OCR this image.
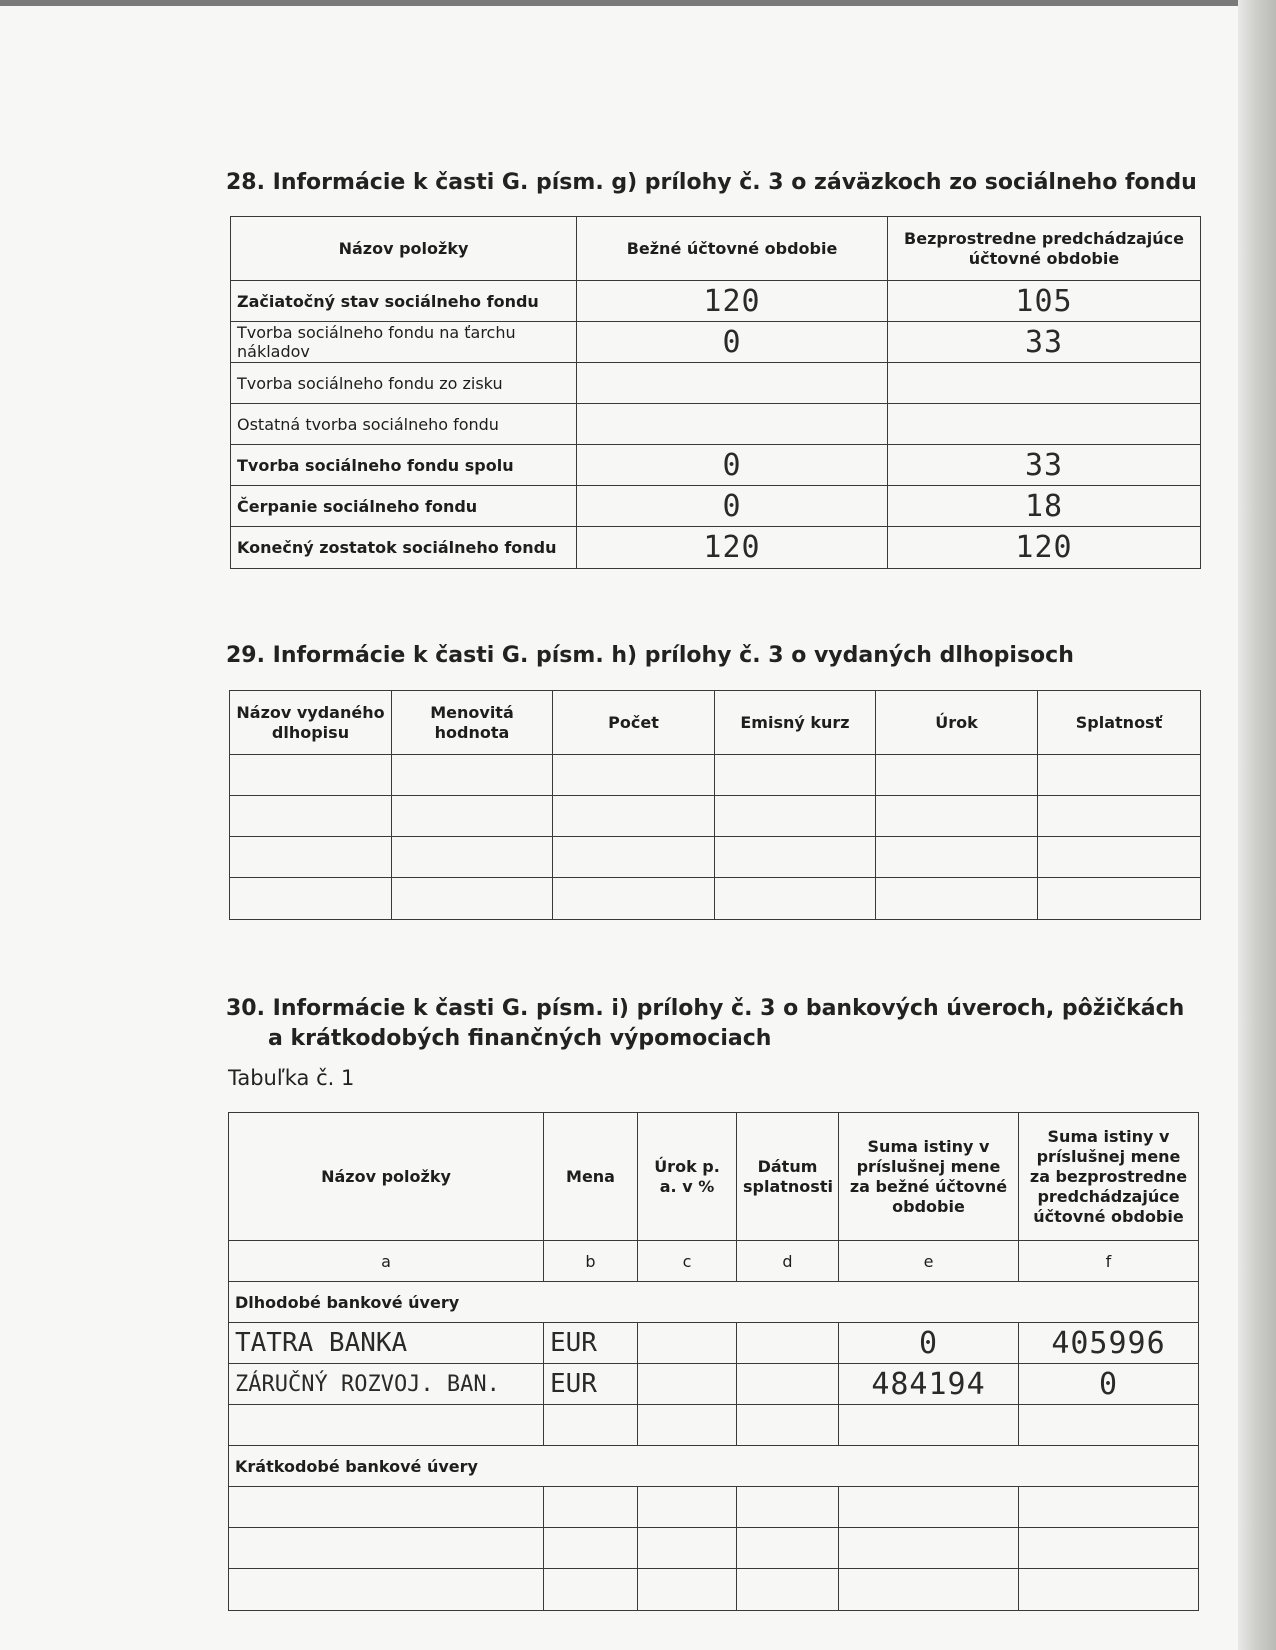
28. Informácie k časti G. písm. g) prílohy č. 3 o záväzkoch zo sociálneho fondu
Názov položky	Bežné účtovné obdobie	Bezprostredne predchádzajúce účtovné obdobie
Začiatočný stav sociálneho fondu	120	105
Tvorba sociálneho fondu na ťarchu nákladov	0	33
Tvorba sociálneho fondu zo zisku		
Ostatná tvorba sociálneho fondu		
Tvorba sociálneho fondu spolu	0	33
Čerpanie sociálneho fondu	0	18
Konečný zostatok sociálneho fondu	120	120
29. Informácie k časti G. písm. h) prílohy č. 3 o vydaných dlhopisoch
Názov vydaného dlhopisu	Menovitá hodnota	Počet	Emisný kurz	Úrok	Splatnosť

30. Informácie k časti G. písm. i) prílohy č. 3 o bankových úveroch, pôžičkách
a krátkodobých finančných výpomociach
Tabuľka č. 1
Názov položky	Mena	Úrok p. a. v %	Dátum splatnosti	Suma istiny v príslušnej mene za bežné účtovné obdobie	Suma istiny v príslušnej mene za bezprostredne predchádzajúce účtovné obdobie
a	b	c	d	e	f
Dlhodobé bankové úvery					
TATRA BANKA	EUR			0	405996
ZÁRUČNÝ ROZVOJ. BAN.	EUR			484194	0

Krátkodobé bankové úvery					
